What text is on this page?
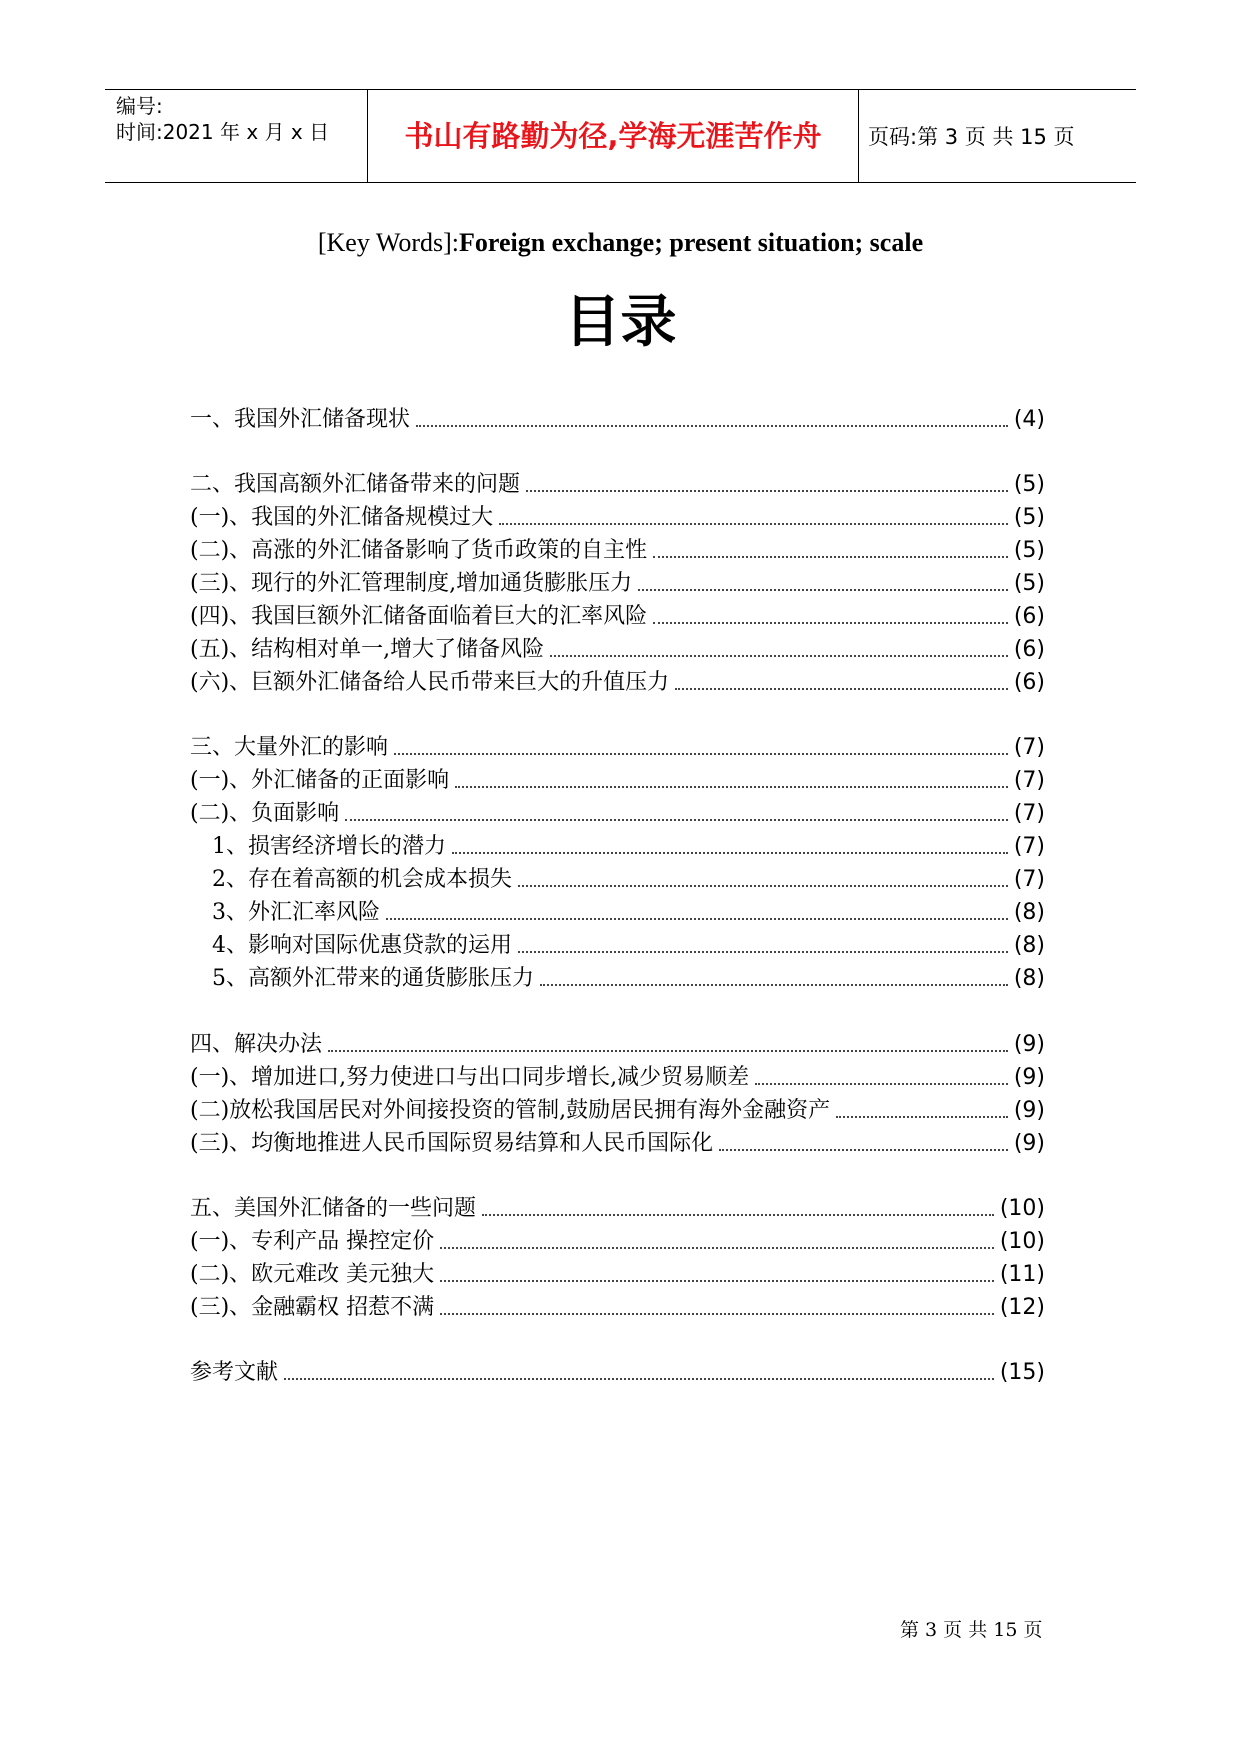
编号:
时间:2021 年 x 月 x 日	书山有路勤为径,学海无涯苦作舟	页码:第 3 页 共 15 页
[Key Words]:Foreign exchange; present situation; scale
目录
一、我国外汇储备现状	(4)
二、我国高额外汇储备带来的问题	(5)
(一)、我国的外汇储备规模过大	(5)
(二)、高涨的外汇储备影响了货币政策的自主性	(5)
(三)、现行的外汇管理制度,增加通货膨胀压力	(5)
(四)、我国巨额外汇储备面临着巨大的汇率风险	(6)
(五)、结构相对单一,增大了储备风险	(6)
(六)、巨额外汇储备给人民币带来巨大的升值压力	(6)
三、大量外汇的影响	(7)
(一)、外汇储备的正面影响	(7)
(二)、负面影响	(7)
1、损害经济增长的潜力	(7)
2、存在着高额的机会成本损失	(7)
3、外汇汇率风险	(8)
4、影响对国际优惠贷款的运用	(8)
5、高额外汇带来的通货膨胀压力	(8)
四、解决办法	(9)
(一)、增加进口,努力使进口与出口同步增长,减少贸易顺差	(9)
(二)放松我国居民对外间接投资的管制,鼓励居民拥有海外金融资产	(9)
(三)、均衡地推进人民币国际贸易结算和人民币国际化	(9)
五、美国外汇储备的一些问题	(10)
(一)、专利产品 操控定价	(10)
(二)、欧元难改 美元独大	(11)
(三)、金融霸权 招惹不满	(12)
参考文献	(15)
第 3 页 共 15 页
